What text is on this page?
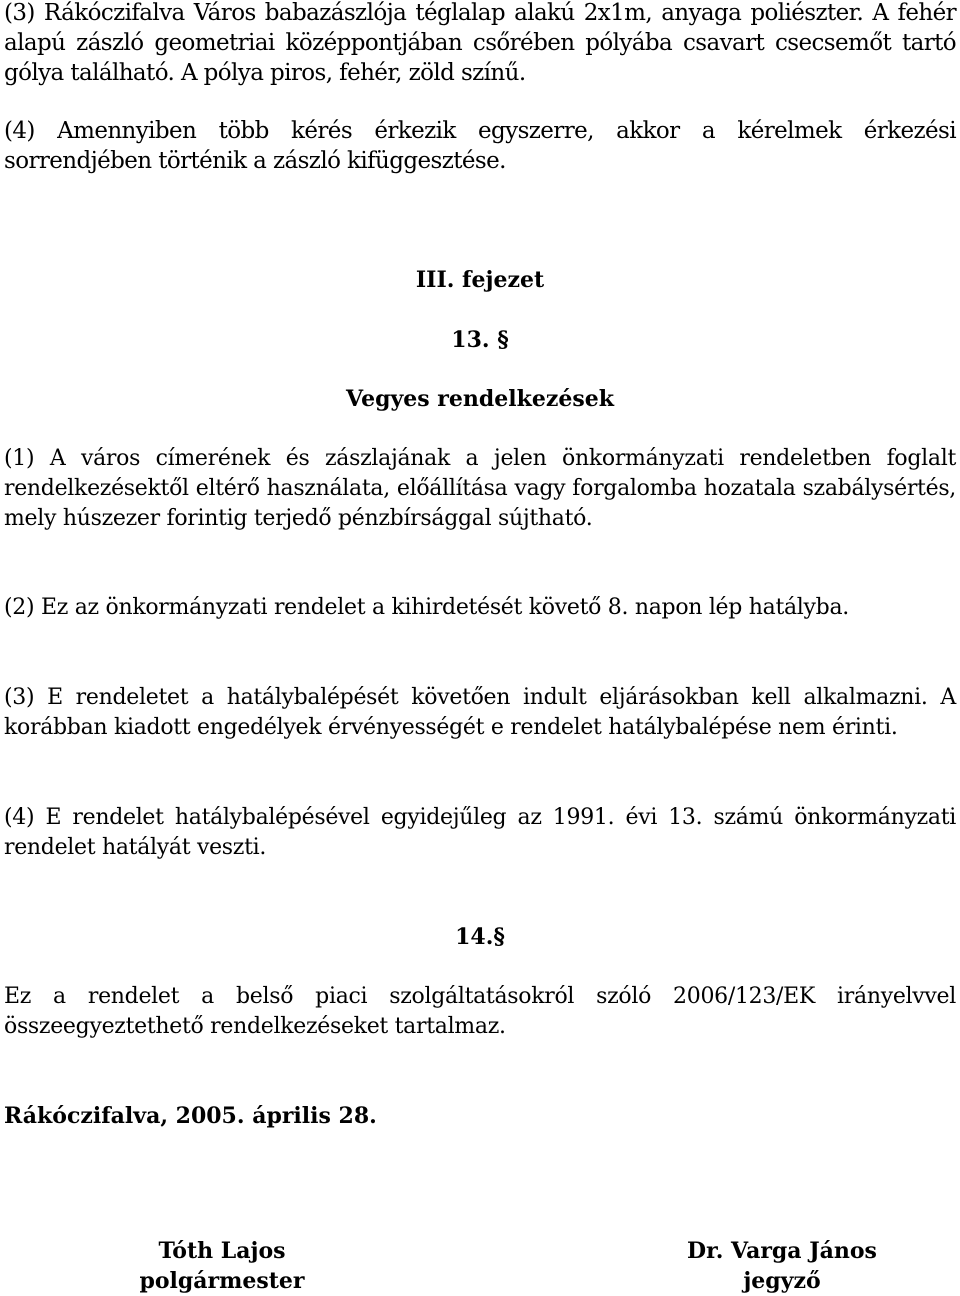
(3) Rákóczifalva Város babazászlója téglalap alakú 2x1m, anyaga poliészter. A fehér alapú zászló geometriai középpontjában csőrében pólyába csavart csecsemőt tartó gólya található. A pólya piros, fehér, zöld színű.

(4) Amennyiben több kérés érkezik egyszerre, akkor a kérelmek érkezési sorrendjében történik a zászló kifüggesztése.

III. fejezet

13. §

Vegyes rendelkezések

(1) A város címerének és zászlajának a jelen önkormányzati rendeletben foglalt rendelkezésektől eltérő használata, előállítása vagy forgalomba hozatala szabálysértés, mely húszezer forintig terjedő pénzbírsággal sújtható.

(2) Ez az önkormányzati rendelet a kihirdetését követő 8. napon lép hatályba.

(3) E rendeletet a hatálybalépését követően indult eljárásokban kell alkalmazni. A korábban kiadott engedélyek érvényességét e rendelet hatálybalépése nem érinti.

(4) E rendelet hatálybalépésével egyidejűleg az 1991. évi 13. számú önkormányzati rendelet hatályát veszti.

14.§

Ez a rendelet a belső piaci szolgáltatásokról szóló 2006/123/EK irányelvvel összeegyeztethető rendelkezéseket tartalmaz.

Rákóczifalva, 2005. április 28.
Tóth Lajos
polgármester
Dr. Varga János
jegyző
